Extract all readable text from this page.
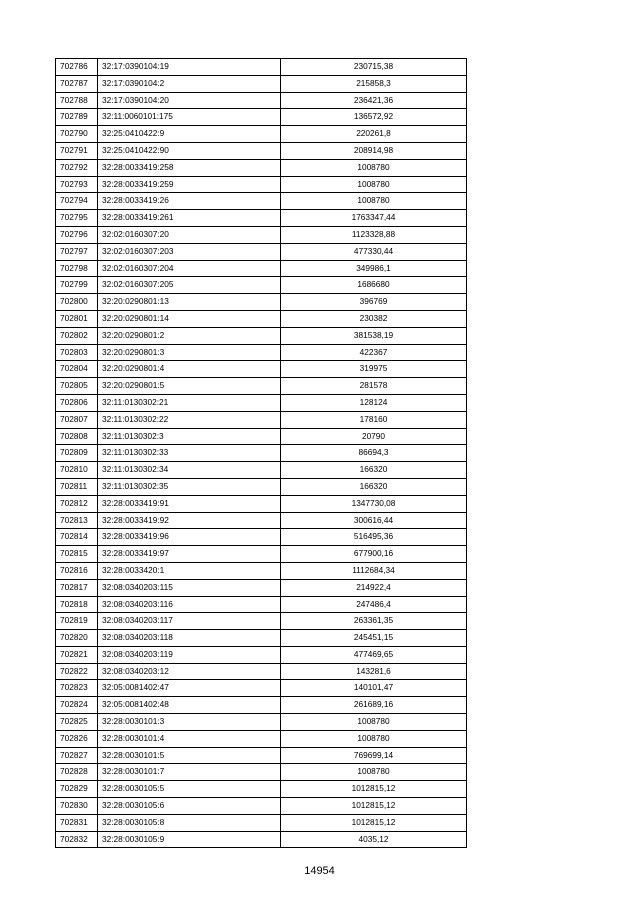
702786	32:17:0390104:19	230715,38
702787	32:17:0390104:2	215858,3
702788	32:17:0390104:20	236421,36
702789	32:11:0060101:175	136572,92
702790	32:25:0410422:9	220261,8
702791	32:25:0410422:90	208914,98
702792	32:28:0033419:258	1008780
702793	32:28:0033419:259	1008780
702794	32:28:0033419:26	1008780
702795	32:28:0033419:261	1763347,44
702796	32:02:0160307:20	1123328,88
702797	32:02:0160307:203	477330,44
702798	32:02:0160307:204	349986,1
702799	32:02:0160307:205	1686680
702800	32:20:0290801:13	396769
702801	32:20:0290801:14	230382
702802	32:20:0290801:2	381538,19
702803	32:20:0290801:3	422367
702804	32:20:0290801:4	319975
702805	32:20:0290801:5	281578
702806	32:11:0130302:21	128124
702807	32:11:0130302:22	178160
702808	32:11:0130302:3	20790
702809	32:11:0130302:33	86694,3
702810	32:11:0130302:34	166320
702811	32:11:0130302:35	166320
702812	32:28:0033419:91	1347730,08
702813	32:28:0033419:92	300616,44
702814	32:28:0033419:96	516495,36
702815	32:28:0033419:97	677900,16
702816	32:28:0033420:1	1112684,34
702817	32:08:0340203:115	214922,4
702818	32:08:0340203:116	247486,4
702819	32:08:0340203:117	263361,35
702820	32:08:0340203:118	245451,15
702821	32:08:0340203:119	477469,65
702822	32:08:0340203:12	143281,6
702823	32:05:0081402:47	140101,47
702824	32:05:0081402:48	261689,16
702825	32:28:0030101:3	1008780
702826	32:28:0030101:4	1008780
702827	32:28:0030101:5	769699,14
702828	32:28:0030101:7	1008780
702829	32:28:0030105:5	1012815,12
702830	32:28:0030105:6	1012815,12
702831	32:28:0030105:8	1012815,12
702832	32:28:0030105:9	4035,12
14954
